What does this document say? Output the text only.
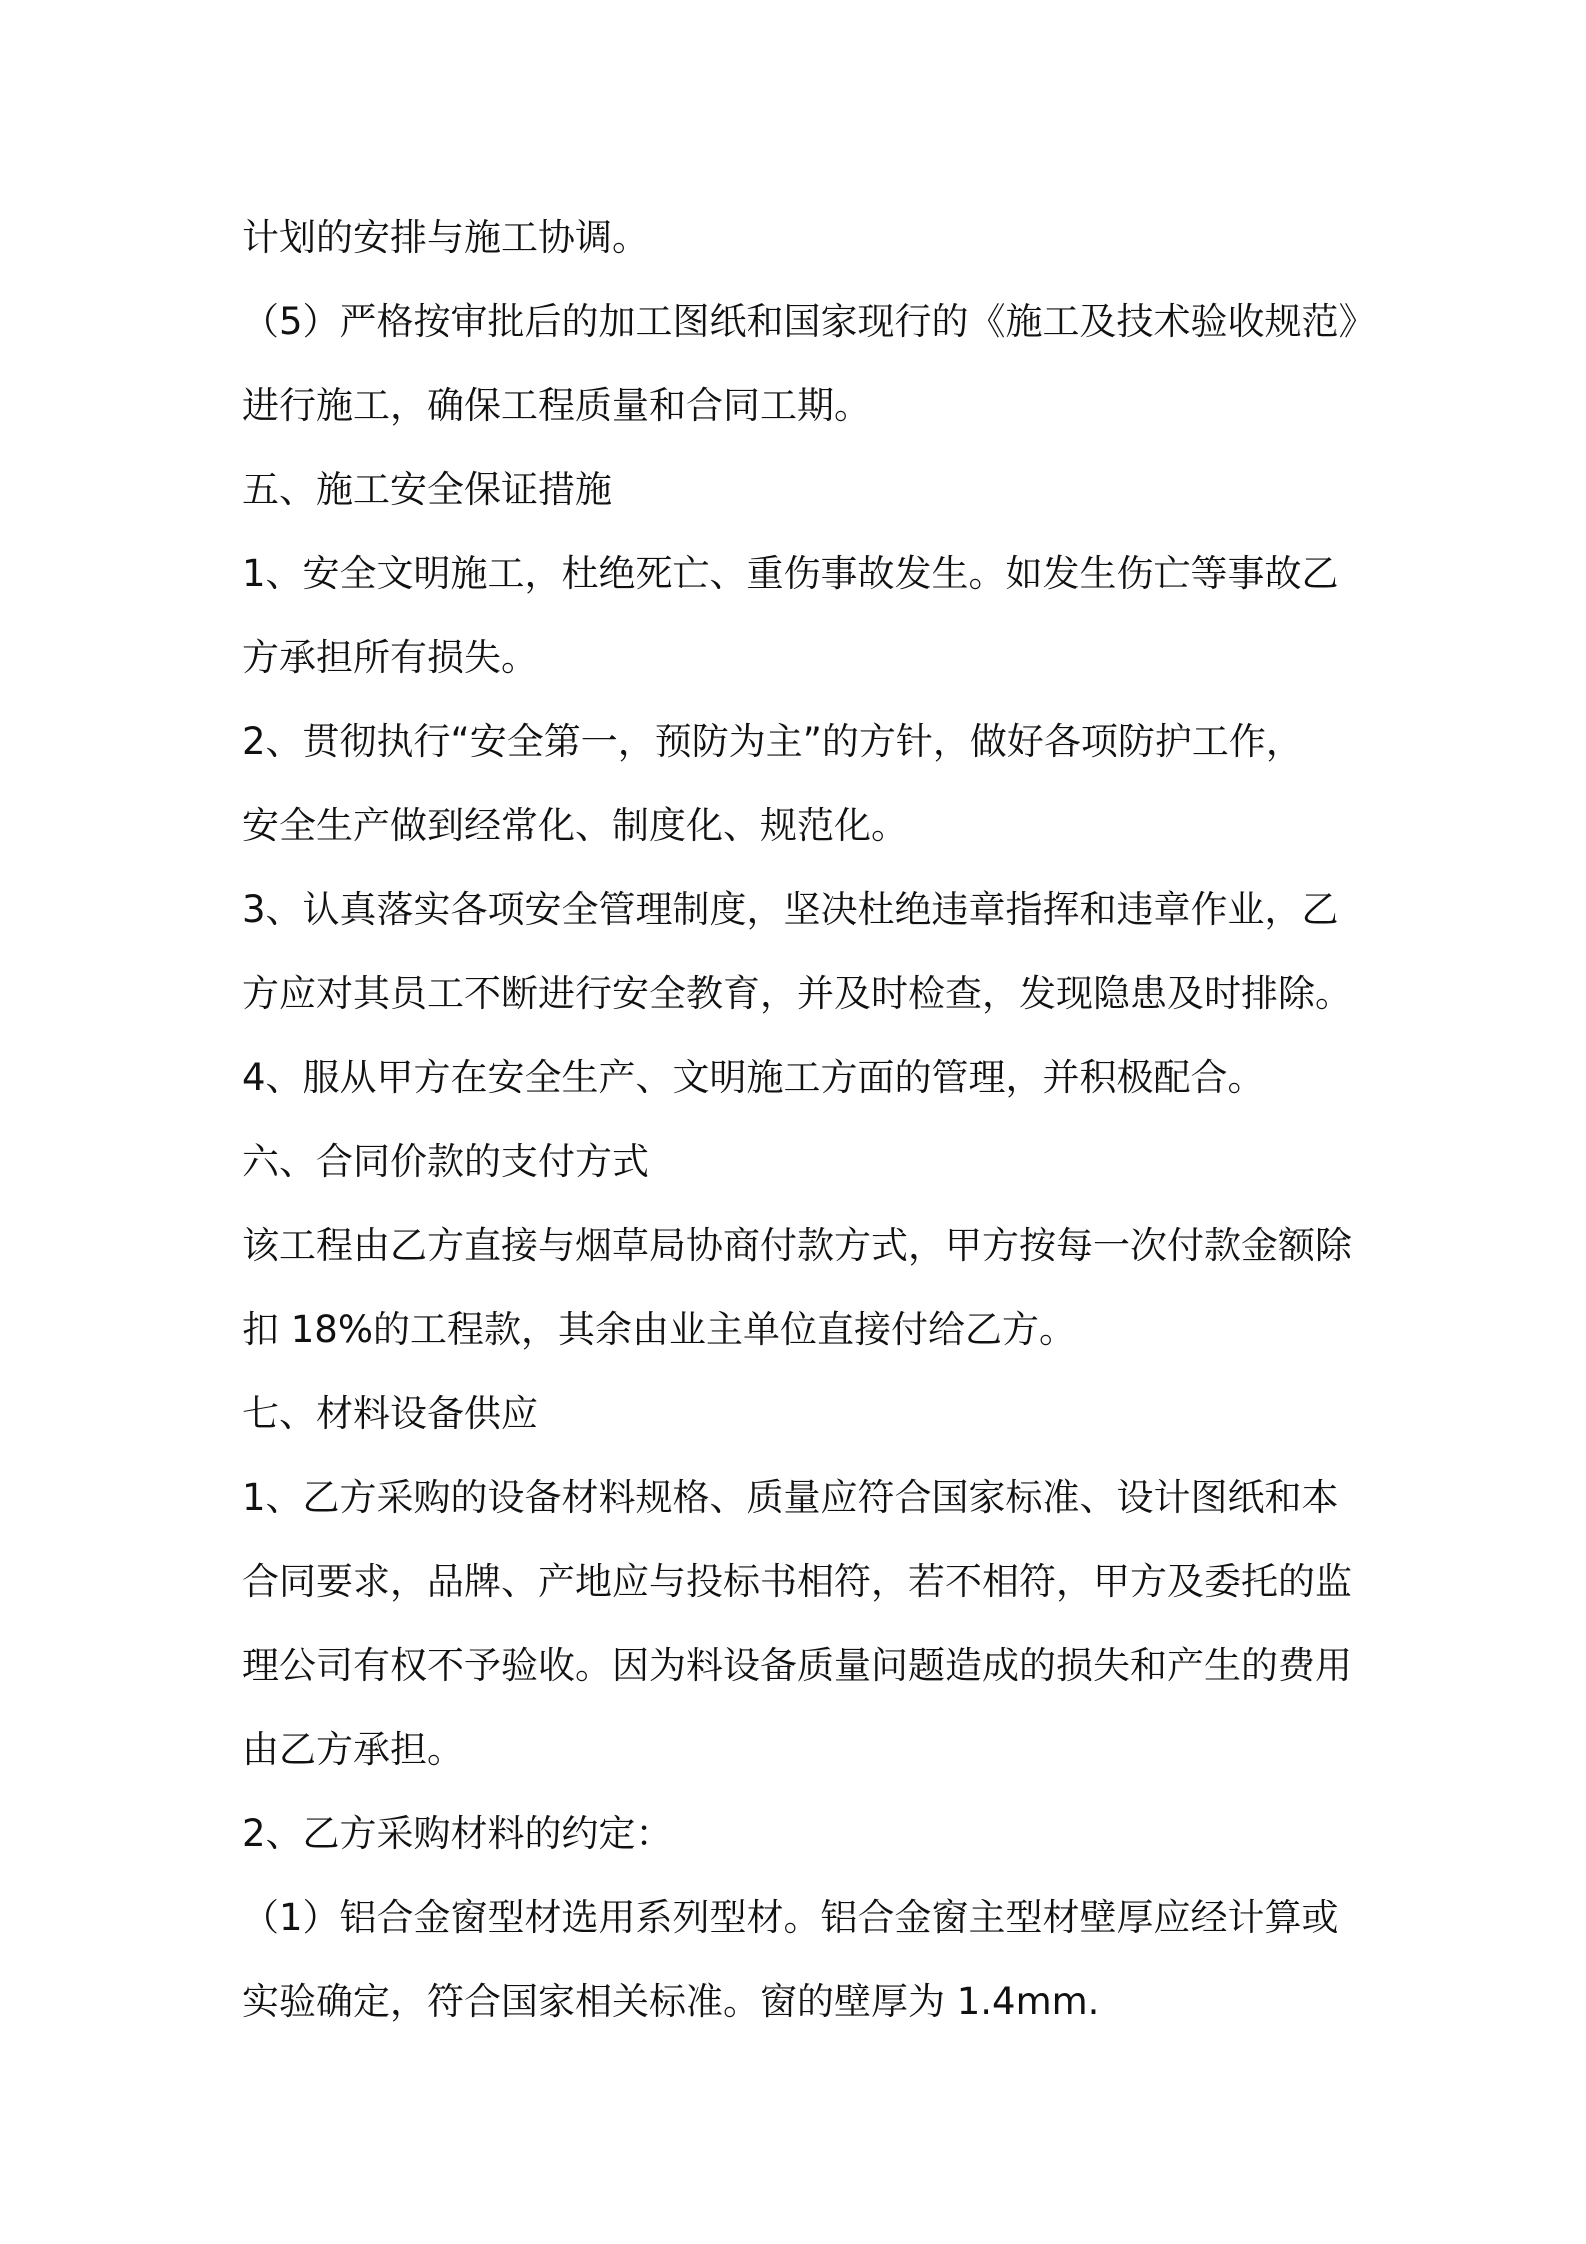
计划的安排与施工协调。
（5）严格按审批后的加工图纸和国家现行的《施工及技术验收规范》
进行施工，确保工程质量和合同工期。
五、施工安全保证措施
1、安全文明施工，杜绝死亡、重伤事故发生。如发生伤亡等事故乙
方承担所有损失。
2、贯彻执行“安全第一，预防为主”的方针，做好各项防护工作，
安全生产做到经常化、制度化、规范化。
3、认真落实各项安全管理制度，坚决杜绝违章指挥和违章作业，乙
方应对其员工不断进行安全教育，并及时检查，发现隐患及时排除。
4、服从甲方在安全生产、文明施工方面的管理，并积极配合。
六、合同价款的支付方式
该工程由乙方直接与烟草局协商付款方式，甲方按每一次付款金额除
扣 18%的工程款，其余由业主单位直接付给乙方。
七、材料设备供应
1、乙方采购的设备材料规格、质量应符合国家标准、设计图纸和本
合同要求，品牌、产地应与投标书相符，若不相符，甲方及委托的监
理公司有权不予验收。因为料设备质量问题造成的损失和产生的费用
由乙方承担。
2、乙方采购材料的约定：
（1）铝合金窗型材选用系列型材。铝合金窗主型材壁厚应经计算或
实验确定，符合国家相关标准。窗的壁厚为 1.4mm.
